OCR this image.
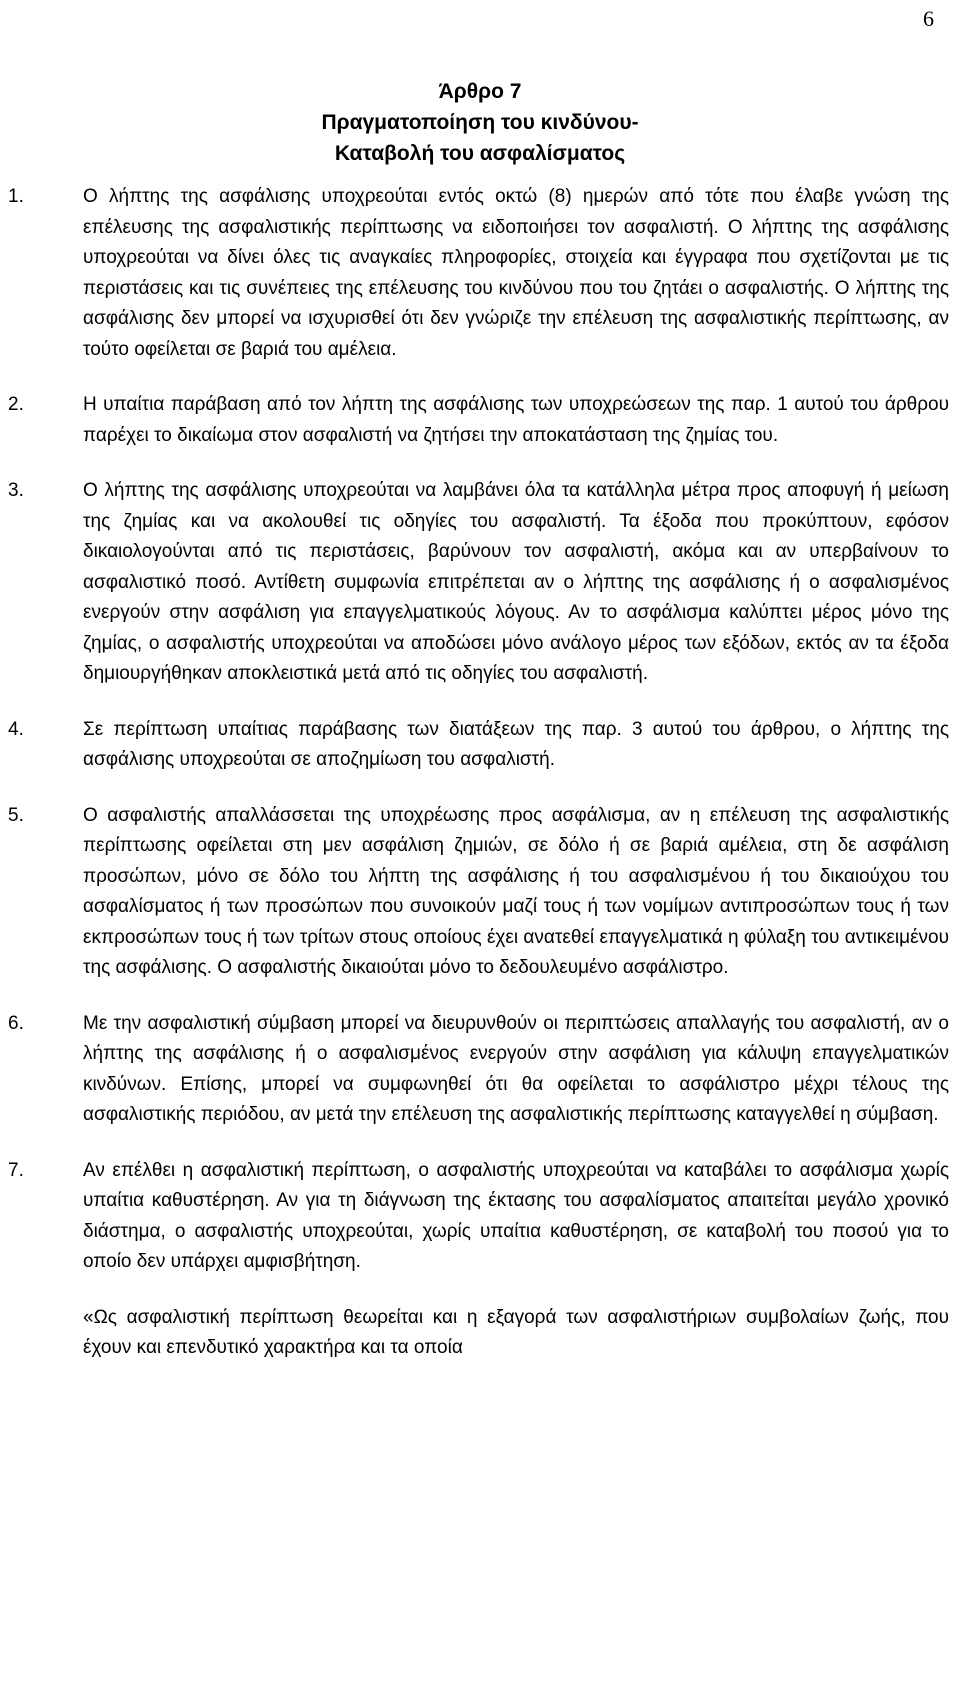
6
Άρθρο 7
Πραγματοποίηση του κινδύνου-
Καταβολή του ασφαλίσματος
1.	Ο λήπτης της ασφάλισης υποχρεούται εντός οκτώ (8) ημερών από τότε που έλαβε γνώση της επέλευσης της ασφαλιστικής περίπτωσης να ειδοποιήσει τον ασφαλιστή. Ο λήπτης της ασφάλισης υποχρεούται να δίνει όλες τις αναγκαίες πληροφορίες, στοιχεία και έγγραφα που σχετίζονται με τις περιστάσεις και τις συνέπειες της επέλευσης του κινδύνου που του ζητάει ο ασφαλιστής. Ο λήπτης της ασφάλισης δεν μπορεί να ισχυρισθεί ότι δεν γνώριζε την επέλευση της ασφαλιστικής περίπτωσης, αν τούτο οφείλεται σε βαριά του αμέλεια.
2.	Η υπαίτια παράβαση από τον λήπτη της ασφάλισης των υποχρεώσεων της παρ. 1 αυτού του άρθρου παρέχει το δικαίωμα στον ασφαλιστή να ζητήσει την αποκατάσταση της ζημίας του.
3.	Ο λήπτης της ασφάλισης υποχρεούται να λαμβάνει όλα τα κατάλληλα μέτρα προς αποφυγή ή μείωση της ζημίας και να ακολουθεί τις οδηγίες του ασφαλιστή. Τα έξοδα που προκύπτουν, εφόσον δικαιολογούνται από τις περιστάσεις, βαρύνουν τον ασφαλιστή, ακόμα και αν υπερβαίνουν το ασφαλιστικό ποσό. Αντίθετη συμφωνία επιτρέπεται αν ο λήπτης της ασφάλισης ή ο ασφαλισμένος ενεργούν στην ασφάλιση για επαγγελματικούς λόγους. Αν το ασφάλισμα καλύπτει μέρος μόνο της ζημίας, ο ασφαλιστής υποχρεούται να αποδώσει μόνο ανάλογο μέρος των εξόδων, εκτός αν τα έξοδα δημιουργήθηκαν αποκλειστικά μετά από τις οδηγίες του ασφαλιστή.
4.	Σε περίπτωση υπαίτιας παράβασης των διατάξεων της παρ. 3 αυτού του άρθρου, ο λήπτης της ασφάλισης υποχρεούται σε αποζημίωση του ασφαλιστή.
5.	Ο ασφαλιστής απαλλάσσεται της υποχρέωσης προς ασφάλισμα, αν η επέλευση της ασφαλιστικής περίπτωσης οφείλεται στη μεν ασφάλιση ζημιών, σε δόλο ή σε βαριά αμέλεια, στη δε ασφάλιση προσώπων, μόνο σε δόλο του λήπτη της ασφάλισης ή του ασφαλισμένου ή του δικαιούχου του ασφαλίσματος ή των προσώπων που συνοικούν μαζί τους ή των νομίμων αντιπροσώπων τους ή των εκπροσώπων τους ή των τρίτων στους οποίους έχει ανατεθεί επαγγελματικά η φύλαξη του αντικειμένου της ασφάλισης. Ο ασφαλιστής δικαιούται μόνο το δεδουλευμένο ασφάλιστρο.
6.	Με την ασφαλιστική σύμβαση μπορεί να διευρυνθούν οι περιπτώσεις απαλλαγής του ασφαλιστή, αν ο λήπτης της ασφάλισης ή ο ασφαλισμένος ενεργούν στην ασφάλιση για κάλυψη επαγγελματικών κινδύνων. Επίσης, μπορεί να συμφωνηθεί ότι θα οφείλεται το ασφάλιστρο μέχρι τέλους της ασφαλιστικής περιόδου, αν μετά την επέλευση της ασφαλιστικής περίπτωσης καταγγελθεί η σύμβαση.
7.	Αν επέλθει η ασφαλιστική περίπτωση, ο ασφαλιστής υποχρεούται να καταβάλει το ασφάλισμα χωρίς υπαίτια καθυστέρηση. Αν για τη διάγνωση της έκτασης του ασφαλίσματος απαιτείται μεγάλο χρονικό διάστημα, ο ασφαλιστής υποχρεούται, χωρίς υπαίτια καθυστέρηση, σε καταβολή του ποσού για το οποίο δεν υπάρχει αμφισβήτηση.
«Ως ασφαλιστική περίπτωση θεωρείται και η εξαγορά των ασφαλιστήριων συμβολαίων ζωής, που έχουν και επενδυτικό χαρακτήρα και τα οποία
